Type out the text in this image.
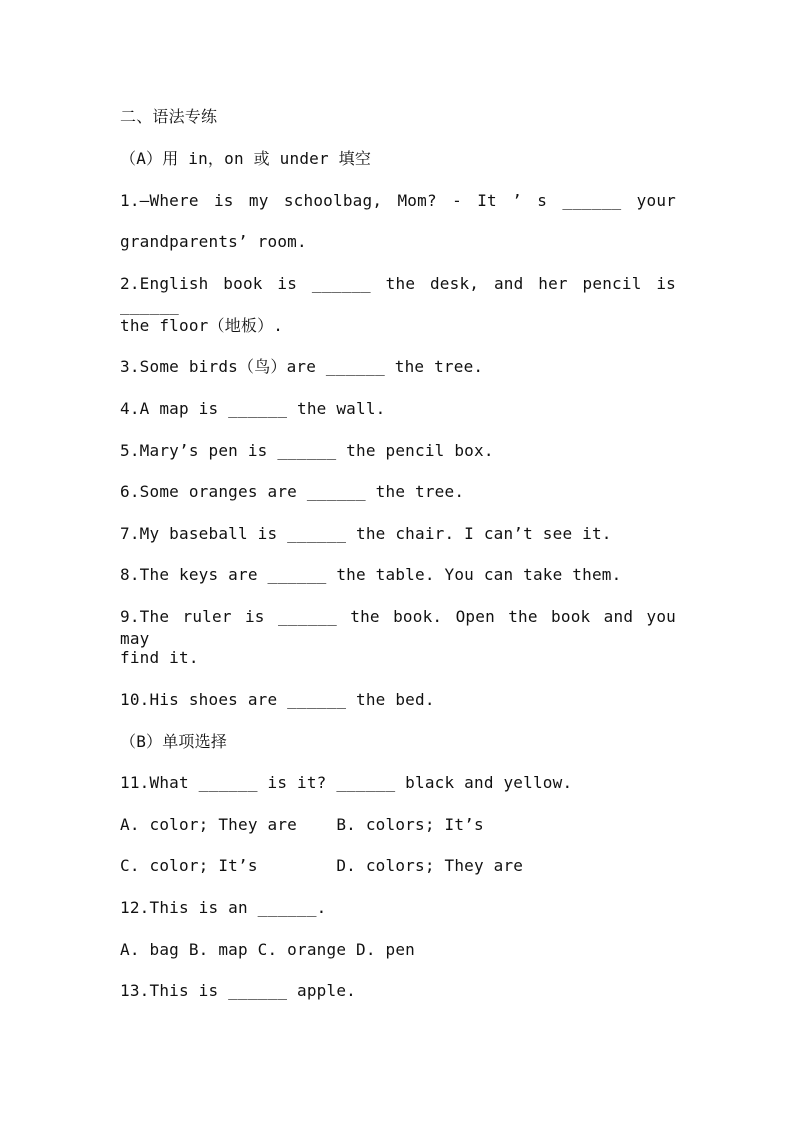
二、语法专练
（A）用 in，on 或 under 填空
1.—Where is my schoolbag, Mom? - It ’ s ______ your
grandparents’ room.
2.English book is ______ the desk, and her pencil is ______
the floor（地板）.
3.Some birds（鸟）are ______ the tree.
4.A map is ______ the wall.
5.Mary’s pen is ______ the pencil box.
6.Some oranges are ______ the tree.
7.My baseball is ______ the chair. I can’t see it.
8.The keys are ______ the table. You can take them.
9.The ruler is ______ the book. Open the book and you may
find it.
10.His shoes are ______ the bed.
（B）单项选择
11.What ______ is it? ______ black and yellow.
A. color; They are    B. colors; It’s
C. color; It’s        D. colors; They are
12.This is an ______.
A. bag B. map C. orange D. pen
13.This is ______ apple.
